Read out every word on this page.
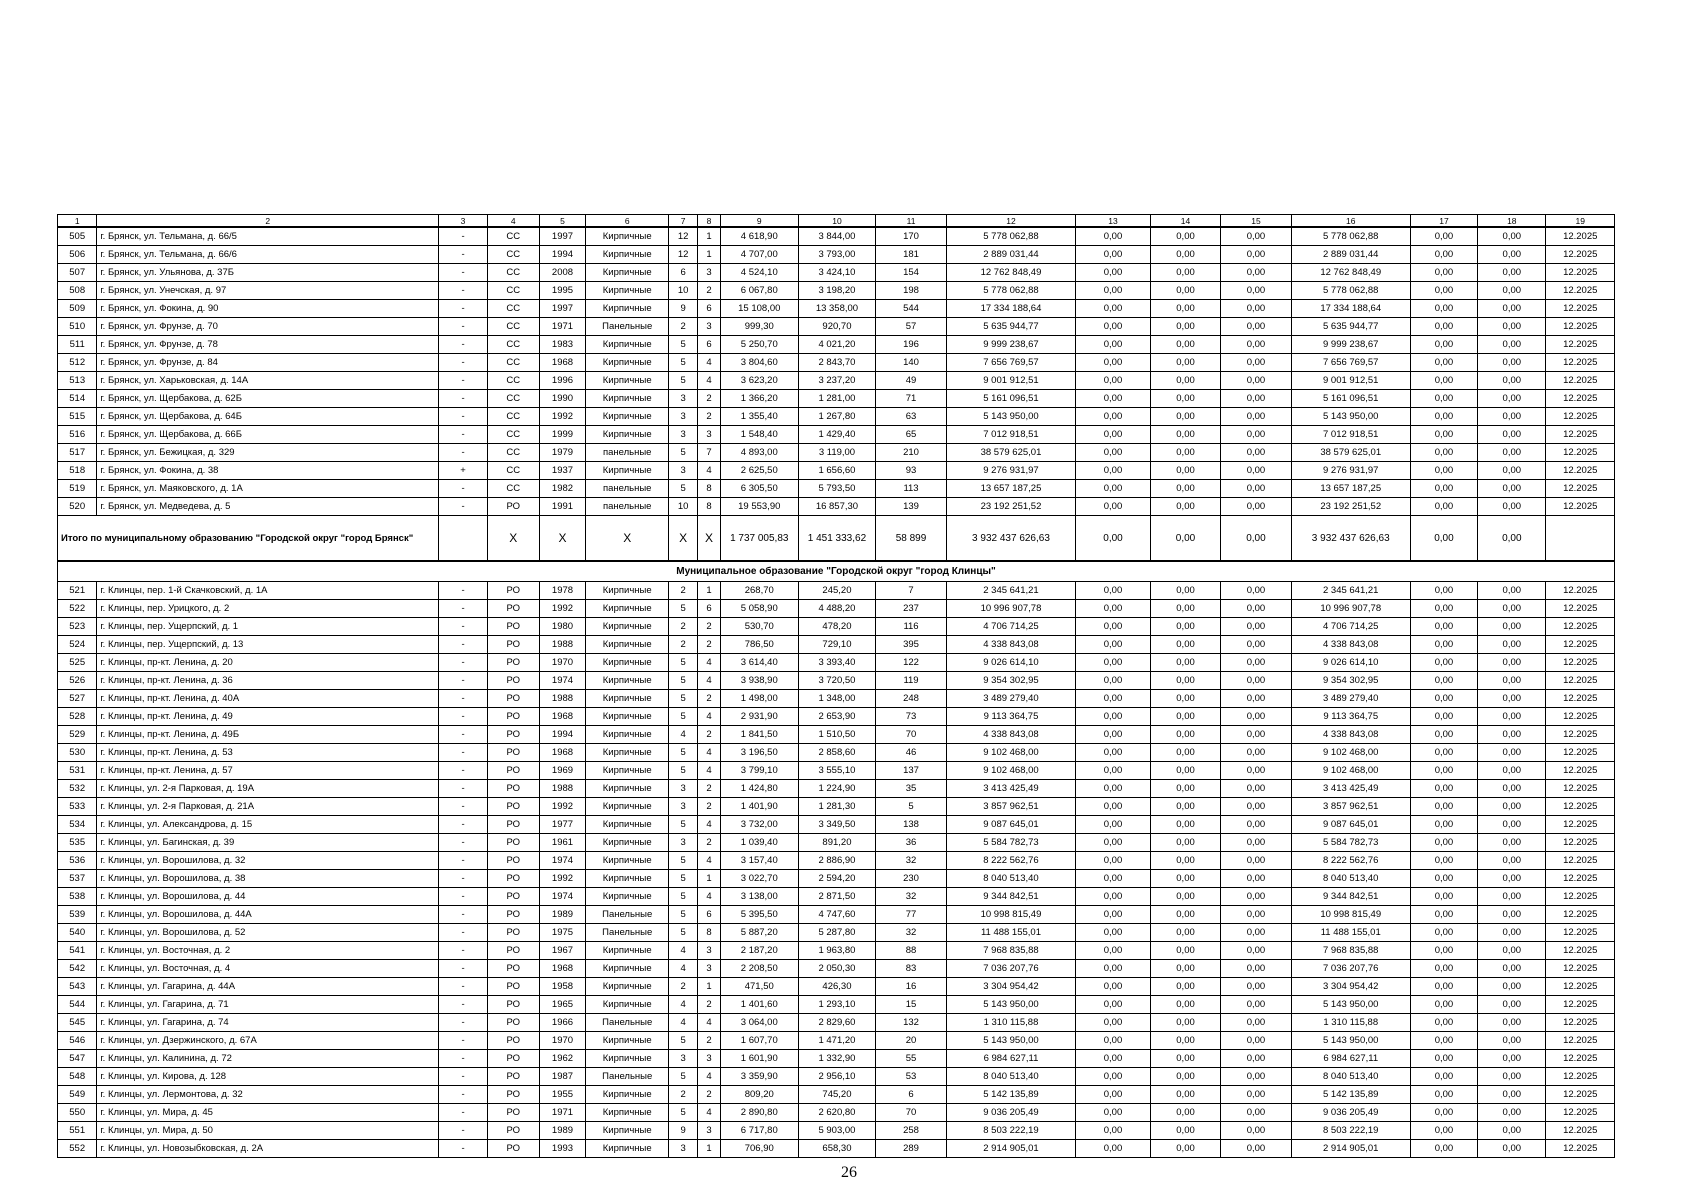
1	2	3	4	5	6	7	8	9	10	11	12	13	14	15	16	17	18	19
505	г. Брянск, ул. Тельмана, д. 66/5	-	СС	1997	Кирпичные	12	1	4 618,90	3 844,00	170	5 778 062,88	0,00	0,00	0,00	5 778 062,88	0,00	0,00	12.2025
506	г. Брянск, ул. Тельмана, д. 66/6	-	СС	1994	Кирпичные	12	1	4 707,00	3 793,00	181	2 889 031,44	0,00	0,00	0,00	2 889 031,44	0,00	0,00	12.2025
507	г. Брянск, ул. Ульянова, д. 37Б	-	СС	2008	Кирпичные	6	3	4 524,10	3 424,10	154	12 762 848,49	0,00	0,00	0,00	12 762 848,49	0,00	0,00	12.2025
508	г. Брянск, ул. Унечская, д. 97	-	СС	1995	Кирпичные	10	2	6 067,80	3 198,20	198	5 778 062,88	0,00	0,00	0,00	5 778 062,88	0,00	0,00	12.2025
509	г. Брянск, ул. Фокина, д. 90	-	СС	1997	Кирпичные	9	6	15 108,00	13 358,00	544	17 334 188,64	0,00	0,00	0,00	17 334 188,64	0,00	0,00	12.2025
510	г. Брянск, ул. Фрунзе, д. 70	-	СС	1971	Панельные	2	3	999,30	920,70	57	5 635 944,77	0,00	0,00	0,00	5 635 944,77	0,00	0,00	12.2025
511	г. Брянск, ул. Фрунзе, д. 78	-	СС	1983	Кирпичные	5	6	5 250,70	4 021,20	196	9 999 238,67	0,00	0,00	0,00	9 999 238,67	0,00	0,00	12.2025
512	г. Брянск, ул. Фрунзе, д. 84	-	СС	1968	Кирпичные	5	4	3 804,60	2 843,70	140	7 656 769,57	0,00	0,00	0,00	7 656 769,57	0,00	0,00	12.2025
513	г. Брянск, ул. Харьковская, д. 14А	-	СС	1996	Кирпичные	5	4	3 623,20	3 237,20	49	9 001 912,51	0,00	0,00	0,00	9 001 912,51	0,00	0,00	12.2025
514	г. Брянск, ул. Щербакова, д. 62Б	-	СС	1990	Кирпичные	3	2	1 366,20	1 281,00	71	5 161 096,51	0,00	0,00	0,00	5 161 096,51	0,00	0,00	12.2025
515	г. Брянск, ул. Щербакова, д. 64Б	-	СС	1992	Кирпичные	3	2	1 355,40	1 267,80	63	5 143 950,00	0,00	0,00	0,00	5 143 950,00	0,00	0,00	12.2025
516	г. Брянск, ул. Щербакова, д. 66Б	-	СС	1999	Кирпичные	3	3	1 548,40	1 429,40	65	7 012 918,51	0,00	0,00	0,00	7 012 918,51	0,00	0,00	12.2025
517	г. Брянск, ул. Бежицкая, д. 329	-	СС	1979	панельные	5	7	4 893,00	3 119,00	210	38 579 625,01	0,00	0,00	0,00	38 579 625,01	0,00	0,00	12.2025
518	г. Брянск, ул. Фокина, д. 38	+	СС	1937	Кирпичные	3	4	2 625,50	1 656,60	93	9 276 931,97	0,00	0,00	0,00	9 276 931,97	0,00	0,00	12.2025
519	г. Брянск, ул. Маяковского, д. 1А	-	СС	1982	панельные	5	8	6 305,50	5 793,50	113	13 657 187,25	0,00	0,00	0,00	13 657 187,25	0,00	0,00	12.2025
520	г. Брянск, ул. Медведева, д. 5	-	РО	1991	панельные	10	8	19 553,90	16 857,30	139	23 192 251,52	0,00	0,00	0,00	23 192 251,52	0,00	0,00	12.2025
Итого по муниципальному образованию "Городской округ "город Брянск"			X	X	X	X	X	1 737 005,83	1 451 333,62	58 899	3 932 437 626,63	0,00	0,00	0,00	3 932 437 626,63	0,00	0,00	
Муниципальное образование "Городской округ "город Клинцы"																		
521	г. Клинцы, пер. 1-й Скачковский, д. 1А	-	РО	1978	Кирпичные	2	1	268,70	245,20	7	2 345 641,21	0,00	0,00	0,00	2 345 641,21	0,00	0,00	12.2025
522	г. Клинцы, пер. Урицкого, д. 2	-	РО	1992	Кирпичные	5	6	5 058,90	4 488,20	237	10 996 907,78	0,00	0,00	0,00	10 996 907,78	0,00	0,00	12.2025
523	г. Клинцы, пер. Ущерпский, д. 1	-	РО	1980	Кирпичные	2	2	530,70	478,20	116	4 706 714,25	0,00	0,00	0,00	4 706 714,25	0,00	0,00	12.2025
524	г. Клинцы, пер. Ущерпский, д. 13	-	РО	1988	Кирпичные	2	2	786,50	729,10	395	4 338 843,08	0,00	0,00	0,00	4 338 843,08	0,00	0,00	12.2025
525	г. Клинцы, пр-кт. Ленина, д. 20	-	РО	1970	Кирпичные	5	4	3 614,40	3 393,40	122	9 026 614,10	0,00	0,00	0,00	9 026 614,10	0,00	0,00	12.2025
526	г. Клинцы, пр-кт. Ленина, д. 36	-	РО	1974	Кирпичные	5	4	3 938,90	3 720,50	119	9 354 302,95	0,00	0,00	0,00	9 354 302,95	0,00	0,00	12.2025
527	г. Клинцы, пр-кт. Ленина, д. 40А	-	РО	1988	Кирпичные	5	2	1 498,00	1 348,00	248	3 489 279,40	0,00	0,00	0,00	3 489 279,40	0,00	0,00	12.2025
528	г. Клинцы, пр-кт. Ленина, д. 49	-	РО	1968	Кирпичные	5	4	2 931,90	2 653,90	73	9 113 364,75	0,00	0,00	0,00	9 113 364,75	0,00	0,00	12.2025
529	г. Клинцы, пр-кт. Ленина, д. 49Б	-	РО	1994	Кирпичные	4	2	1 841,50	1 510,50	70	4 338 843,08	0,00	0,00	0,00	4 338 843,08	0,00	0,00	12.2025
530	г. Клинцы, пр-кт. Ленина, д. 53	-	РО	1968	Кирпичные	5	4	3 196,50	2 858,60	46	9 102 468,00	0,00	0,00	0,00	9 102 468,00	0,00	0,00	12.2025
531	г. Клинцы, пр-кт. Ленина, д. 57	-	РО	1969	Кирпичные	5	4	3 799,10	3 555,10	137	9 102 468,00	0,00	0,00	0,00	9 102 468,00	0,00	0,00	12.2025
532	г. Клинцы, ул. 2-я Парковая, д. 19А	-	РО	1988	Кирпичные	3	2	1 424,80	1 224,90	35	3 413 425,49	0,00	0,00	0,00	3 413 425,49	0,00	0,00	12.2025
533	г. Клинцы, ул. 2-я Парковая, д. 21А	-	РО	1992	Кирпичные	3	2	1 401,90	1 281,30	5	3 857 962,51	0,00	0,00	0,00	3 857 962,51	0,00	0,00	12.2025
534	г. Клинцы, ул. Александрова, д. 15	-	РО	1977	Кирпичные	5	4	3 732,00	3 349,50	138	9 087 645,01	0,00	0,00	0,00	9 087 645,01	0,00	0,00	12.2025
535	г. Клинцы, ул. Багинская, д. 39	-	РО	1961	Кирпичные	3	2	1 039,40	891,20	36	5 584 782,73	0,00	0,00	0,00	5 584 782,73	0,00	0,00	12.2025
536	г. Клинцы, ул. Ворошилова, д. 32	-	РО	1974	Кирпичные	5	4	3 157,40	2 886,90	32	8 222 562,76	0,00	0,00	0,00	8 222 562,76	0,00	0,00	12.2025
537	г. Клинцы, ул. Ворошилова, д. 38	-	РО	1992	Кирпичные	5	1	3 022,70	2 594,20	230	8 040 513,40	0,00	0,00	0,00	8 040 513,40	0,00	0,00	12.2025
538	г. Клинцы, ул. Ворошилова, д. 44	-	РО	1974	Кирпичные	5	4	3 138,00	2 871,50	32	9 344 842,51	0,00	0,00	0,00	9 344 842,51	0,00	0,00	12.2025
539	г. Клинцы, ул. Ворошилова, д. 44А	-	РО	1989	Панельные	5	6	5 395,50	4 747,60	77	10 998 815,49	0,00	0,00	0,00	10 998 815,49	0,00	0,00	12.2025
540	г. Клинцы, ул. Ворошилова, д. 52	-	РО	1975	Панельные	5	8	5 887,20	5 287,80	32	11 488 155,01	0,00	0,00	0,00	11 488 155,01	0,00	0,00	12.2025
541	г. Клинцы, ул. Восточная, д. 2	-	РО	1967	Кирпичные	4	3	2 187,20	1 963,80	88	7 968 835,88	0,00	0,00	0,00	7 968 835,88	0,00	0,00	12.2025
542	г. Клинцы, ул. Восточная, д. 4	-	РО	1968	Кирпичные	4	3	2 208,50	2 050,30	83	7 036 207,76	0,00	0,00	0,00	7 036 207,76	0,00	0,00	12.2025
543	г. Клинцы, ул. Гагарина, д. 44А	-	РО	1958	Кирпичные	2	1	471,50	426,30	16	3 304 954,42	0,00	0,00	0,00	3 304 954,42	0,00	0,00	12.2025
544	г. Клинцы, ул. Гагарина, д. 71	-	РО	1965	Кирпичные	4	2	1 401,60	1 293,10	15	5 143 950,00	0,00	0,00	0,00	5 143 950,00	0,00	0,00	12.2025
545	г. Клинцы, ул. Гагарина, д. 74	-	РО	1966	Панельные	4	4	3 064,00	2 829,60	132	1 310 115,88	0,00	0,00	0,00	1 310 115,88	0,00	0,00	12.2025
546	г. Клинцы, ул. Дзержинского, д. 67А	-	РО	1970	Кирпичные	5	2	1 607,70	1 471,20	20	5 143 950,00	0,00	0,00	0,00	5 143 950,00	0,00	0,00	12.2025
547	г. Клинцы, ул. Калинина, д. 72	-	РО	1962	Кирпичные	3	3	1 601,90	1 332,90	55	6 984 627,11	0,00	0,00	0,00	6 984 627,11	0,00	0,00	12.2025
548	г. Клинцы, ул. Кирова, д. 128	-	РО	1987	Панельные	5	4	3 359,90	2 956,10	53	8 040 513,40	0,00	0,00	0,00	8 040 513,40	0,00	0,00	12.2025
549	г. Клинцы, ул. Лермонтова, д. 32	-	РО	1955	Кирпичные	2	2	809,20	745,20	6	5 142 135,89	0,00	0,00	0,00	5 142 135,89	0,00	0,00	12.2025
550	г. Клинцы, ул. Мира, д. 45	-	РО	1971	Кирпичные	5	4	2 890,80	2 620,80	70	9 036 205,49	0,00	0,00	0,00	9 036 205,49	0,00	0,00	12.2025
551	г. Клинцы, ул. Мира, д. 50	-	РО	1989	Кирпичные	9	3	6 717,80	5 903,00	258	8 503 222,19	0,00	0,00	0,00	8 503 222,19	0,00	0,00	12.2025
552	г. Клинцы, ул. Новозыбковская, д. 2А	-	РО	1993	Кирпичные	3	1	706,90	658,30	289	2 914 905,01	0,00	0,00	0,00	2 914 905,01	0,00	0,00	12.2025
26
